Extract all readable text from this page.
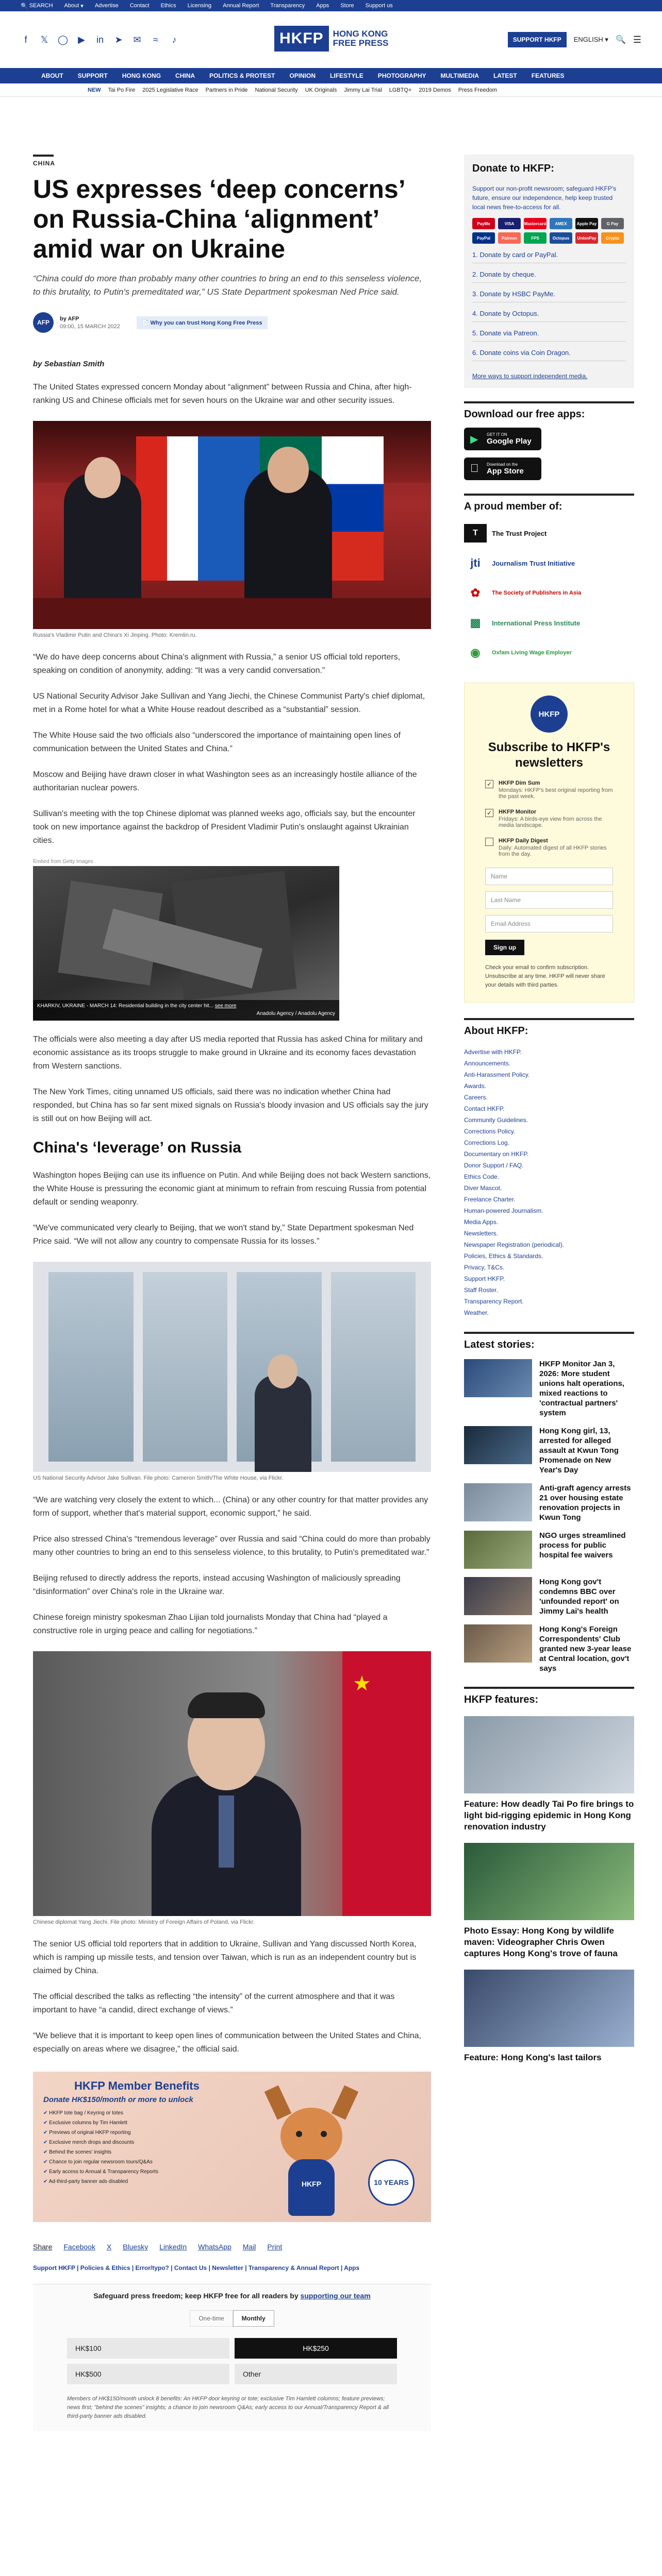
🔍 SEARCH About ▾ Advertise Contact Ethics Licensing Annual Report Transparency Apps Store Support us
f	𝕏 ◯ ▶ in ➤ ✉ ≈	♪	HKFP	HONG KONG
FREE PRESS	SUPPORT HKFP	ENGLISH ▾ 🔍 ☰
ABOUT SUPPORT HONG KONG CHINA POLITICS & PROTEST OPINION LIFESTYLE PHOTOGRAPHY MULTIMEDIA LATEST FEATURES
NEW Tai Po Fire 2025 Legislative Race Partners in Pride National Security UK Originals Jimmy Lai Trial LGBTQ+ 2019 Demos Press Freedom
CHINA
US expresses ‘deep concerns’ on Russia-China ‘alignment’ amid war on Ukraine
“China could do more than probably many other countries to bring an end to this senseless violence, to this brutality, to Putin's premeditated war,” US State Department spokesman Ned Price said.
AFP
by AFP
09:00, 15 MARCH 2022
📄 Why you can trust Hong Kong Free Press
by Sebastian Smith
The United States expressed concern Monday about “alignment” between Russia and China, after high-ranking US and Chinese officials met for seven hours on the Ukraine war and other security issues.
Russia's Vladimir Putin and China's Xi Jinping. Photo: Kremlin.ru.
“We do have deep concerns about China's alignment with Russia,” a senior US official told reporters, speaking on condition of anonymity, adding: “It was a very candid conversation.”
US National Security Advisor Jake Sullivan and Yang Jiechi, the Chinese Communist Party's chief diplomat, met in a Rome hotel for what a White House readout described as a “substantial” session.
The White House said the two officials also “underscored the importance of maintaining open lines of communication between the United States and China.”
Moscow and Beijing have drawn closer in what Washington sees as an increasingly hostile alliance of the authoritarian nuclear powers.
Sullivan's meeting with the top Chinese diplomat was planned weeks ago, officials say, but the encounter took on new importance against the backdrop of President Vladimir Putin's onslaught against Ukrainian cities.
Embed from Getty Images
KHARKIV, UKRAINE - MARCH 14: Residential building in the city center hit... see more
Anadolu Agency / Anadolu Agency
The officials were also meeting a day after US media reported that Russia has asked China for military and economic assistance as its troops struggle to make ground in Ukraine and its economy faces devastation from Western sanctions.
The New York Times, citing unnamed US officials, said there was no indication whether China had responded, but China has so far sent mixed signals on Russia's bloody invasion and US officials say the jury is still out on how Beijing will act.
China's ‘leverage’ on Russia
Washington hopes Beijing can use its influence on Putin. And while Beijing does not back Western sanctions, the White House is pressuring the economic giant at minimum to refrain from rescuing Russia from potential default or sending weaponry.
“We've communicated very clearly to Beijing, that we won't stand by,” State Department spokesman Ned Price said. “We will not allow any country to compensate Russia for its losses.”
US National Security Advisor Jake Sullivan. File photo: Cameron Smith/The White House, via Flickr.
“We are watching very closely the extent to which... (China) or any other country for that matter provides any form of support, whether that's material support, economic support,” he said.
Price also stressed China's “tremendous leverage” over Russia and said “China could do more than probably many other countries to bring an end to this senseless violence, to this brutality, to Putin's premeditated war.”
Beijing refused to directly address the reports, instead accusing Washington of maliciously spreading “disinformation” over China's role in the Ukraine war.
Chinese foreign ministry spokesman Zhao Lijian told journalists Monday that China had “played a constructive role in urging peace and calling for negotiations.”
★
Chinese diplomat Yang Jiechi. File photo: Ministry of Foreign Affairs of Poland, via Flickr.
The senior US official told reporters that in addition to Ukraine, Sullivan and Yang discussed North Korea, which is ramping up missile tests, and tension over Taiwan, which is run as an independent country but is claimed by China.
The official described the talks as reflecting “the intensity” of the current atmosphere and that it was important to have “a candid, direct exchange of views.”
“We believe that it is important to keep open lines of communication between the United States and China, especially on areas where we disagree,” the official said.
HKFP Member Benefits
Donate HK$150/month or more to unlock
✔ HKFP tote bag / Keyring or totes
✔ Exclusive columns by Tim Hamlett
✔ Previews of original HKFP reporting
✔ Exclusive merch drops and discounts
✔ Behind the scenes' insights
✔ Chance to join regular newsroom tours/Q&As
✔ Early access to Annual & Transparency Reports
✔ Ad-third-party banner ads disabled	HKFP	10 YEARS
Share Facebook X Bluesky LinkedIn WhatsApp Mail Print
Support HKFP | Policies & Ethics | Error/typo? | Contact Us | Newsletter | Transparency & Annual Report | Apps
Safeguard press freedom; keep HKFP free for all readers by supporting our team
One-time	Monthly
HK$100	HK$250
HK$500	Other
Members of HK$150/month unlock 8 benefits: An HKFP door keyring or tote; exclusive Tim Hamlett columns; feature previews; news first; "behind the scenes" insights; a chance to join newsroom Q&As; early access to our Annual/Transparency Report & all third-party banner ads disabled.
Donate to HKFP:
Support our non-profit newsroom; safeguard HKFP's future, ensure our independence, help keep trusted local news free-to-access for all.
PayMe	VISA	Mastercard	AMEX	Apple Pay	G Pay
PayPal	Patreon	FPS	Octopus	UnionPay	Crypto
1. Donate by card or PayPal.
2. Donate by cheque.
3. Donate by HSBC PayMe.
4. Donate by Octopus.
5. Donate via Patreon.
6. Donate coins via Coin Dragon.
More ways to support independent media.
Download our free apps:
▶ GET IT ON
Google Play
Download on the
App Store
A proud member of:
T	The Trust Project
jti	Journalism Trust Initiative
✿	The Society of Publishers in Asia
▩	International Press Institute
◉	Oxfam Living Wage Employer
HKFP
Subscribe to HKFP's newsletters
✓ HKFP Dim Sum
Mondays: HKFP's best original reporting from the past week.
✓ HKFP Monitor
Fridays: A birds-eye view from across the media landscape.
HKFP Daily Digest
Daily: Automated digest of all HKFP stories from the day.
Name
Last Name
Email Address
Sign up
Check your email to confirm subscription. Unsubscribe at any time. HKFP will never share your details with third parties.
About HKFP:
Advertise with HKFP.
Announcements.
Anti-Harassment Policy.
Awards.
Careers.
Contact HKFP.
Community Guidelines.
Corrections Policy.
Corrections Log.
Documentary on HKFP.
Donor Support / FAQ.
Ethics Code.
Diver Mascot.
Freelance Charter.
Human-powered Journalism.
Media Apps.
Newsletters.
Newspaper Registration (periodical).
Policies, Ethics & Standards.
Privacy, T&Cs.
Support HKFP.
Staff Roster.
Transparency Report.
Weather.
Latest stories:
HKFP Monitor Jan 3, 2026: More student unions halt operations, mixed reactions to 'contractual partners' system
Hong Kong girl, 13, arrested for alleged assault at Kwun Tong Promenade on New Year's Day
Anti-graft agency arrests 21 over housing estate renovation projects in Kwun Tong
NGO urges streamlined process for public hospital fee waivers
Hong Kong gov't condemns BBC over 'unfounded report' on Jimmy Lai's health
Hong Kong's Foreign Correspondents' Club granted new 3-year lease at Central location, gov't says
HKFP features:
Feature: How deadly Tai Po fire brings to light bid-rigging epidemic in Hong Kong renovation industry
Photo Essay: Hong Kong by wildlife maven: Videographer Chris Owen captures Hong Kong's trove of fauna
Feature: Hong Kong's last tailors
